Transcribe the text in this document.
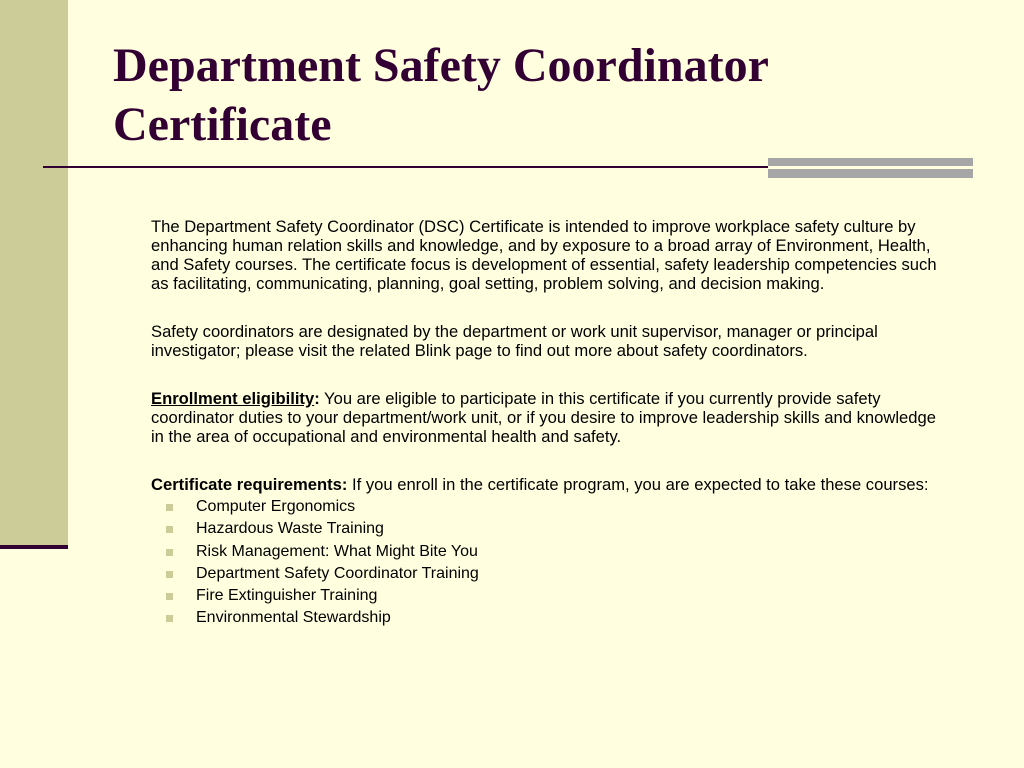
Department Safety Coordinator Certificate

The Department Safety Coordinator (DSC) Certificate is intended to improve workplace safety culture by enhancing human relation skills and knowledge, and by exposure to a broad array of Environment, Health, and Safety courses. The certificate focus is development of essential, safety leadership competencies such as facilitating, communicating, planning, goal setting, problem solving, and decision making.

Safety coordinators are designated by the department or work unit supervisor, manager or principal investigator; please visit the related Blink page to find out more about safety coordinators.

Enrollment eligibility: You are eligible to participate in this certificate if you currently provide safety coordinator duties to your department/work unit, or if you desire to improve leadership skills and knowledge in the area of occupational and environmental health and safety.

Certificate requirements: If you enroll in the certificate program, you are expected to take these courses:

Computer Ergonomics
Hazardous Waste Training
Risk Management: What Might Bite You
Department Safety Coordinator Training
Fire Extinguisher Training
Environmental Stewardship
